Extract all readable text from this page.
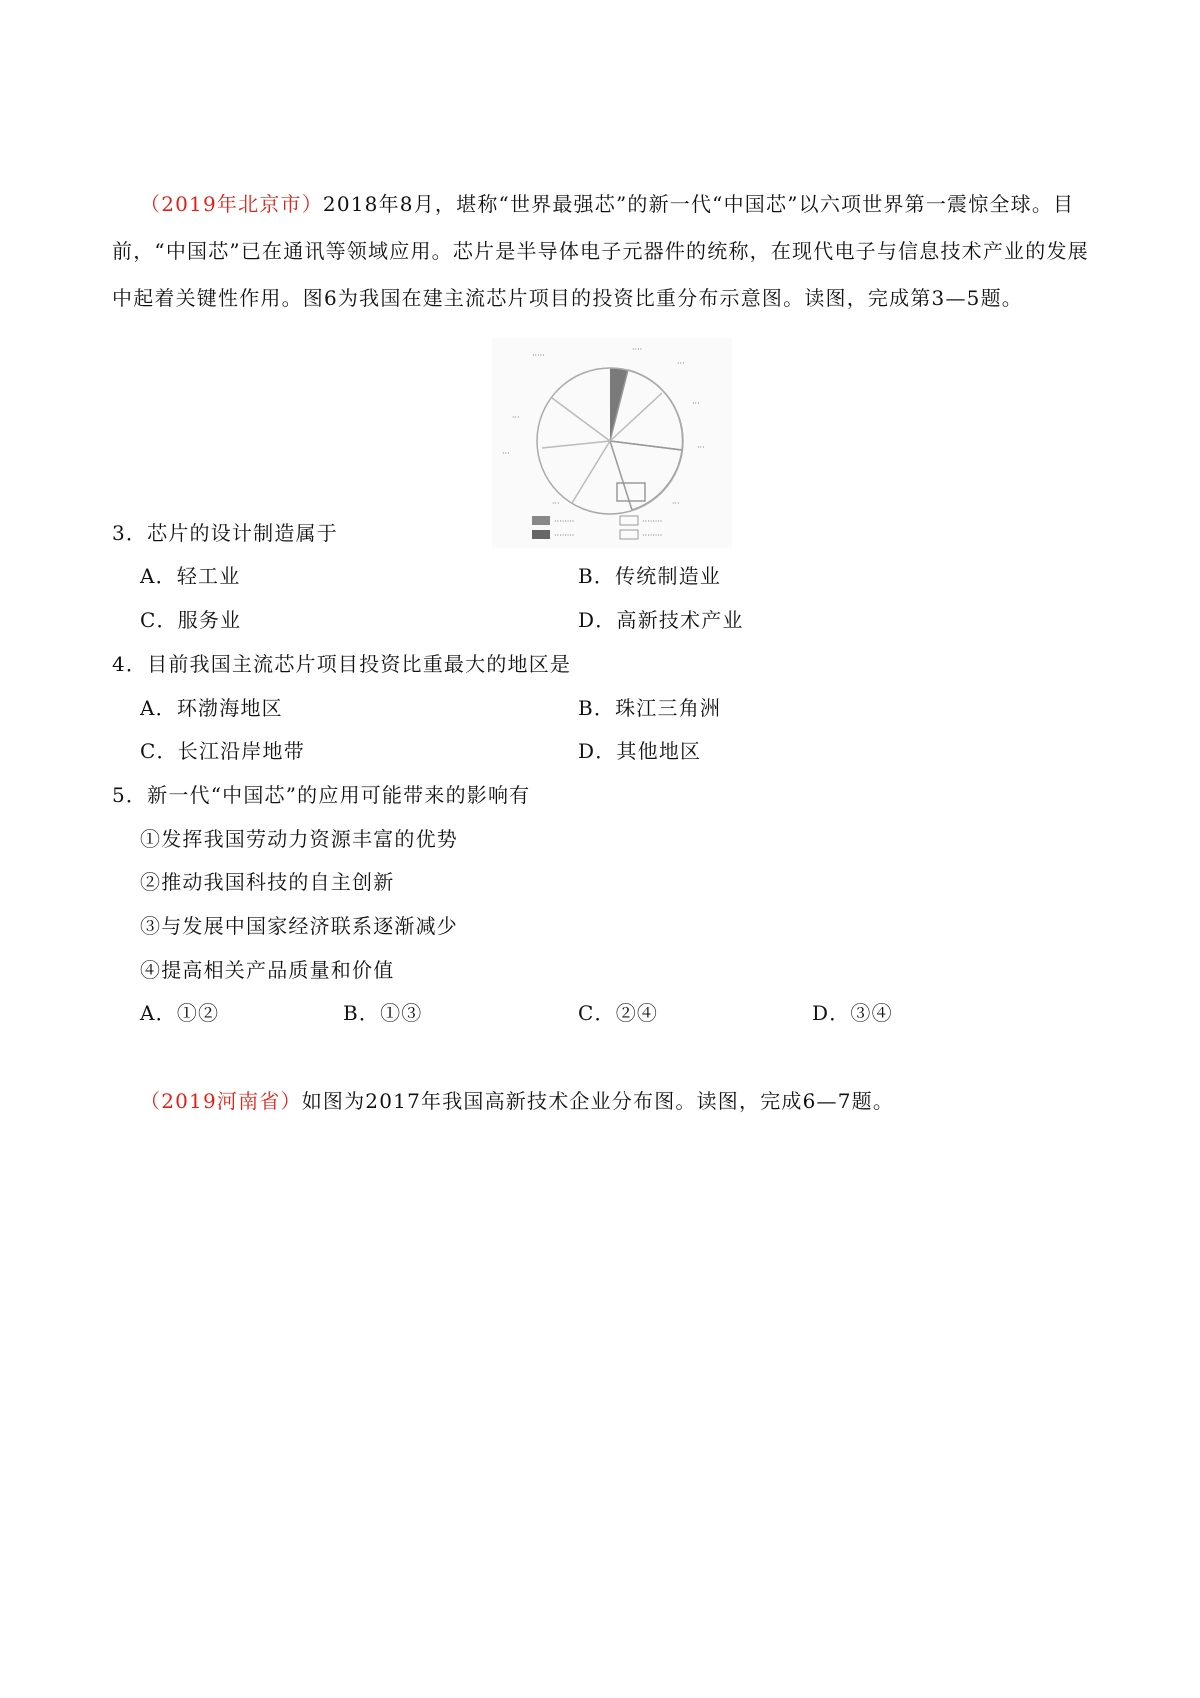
（2019年北京市）2018年8月，堪称“世界最强芯”的新一代“中国芯”以六项世界第一震惊全球。目前，“中国芯”已在通讯等领域应用。芯片是半导体电子元器件的统称，在现代电子与信息技术产业的发展中起着关键性作用。图6为我国在建主流芯片项目的投资比重分布示意图。读图，完成第3—5题。
·····
····
···
···
···
···
···
···
···
········
········
········
········
3．芯片的设计制造属于
A．轻工业	B．传统制造业
C．服务业	D．高新技术产业
4．目前我国主流芯片项目投资比重最大的地区是
A．环渤海地区	B．珠江三角洲
C．长江沿岸地带	D．其他地区
5．新一代“中国芯”的应用可能带来的影响有
①发挥我国劳动力资源丰富的优势
②推动我国科技的自主创新
③与发展中国家经济联系逐渐减少
④提高相关产品质量和价值
A．①②	B．①③	C．②④	D．③④
（2019河南省）如图为2017年我国高新技术企业分布图。读图，完成6—7题。
